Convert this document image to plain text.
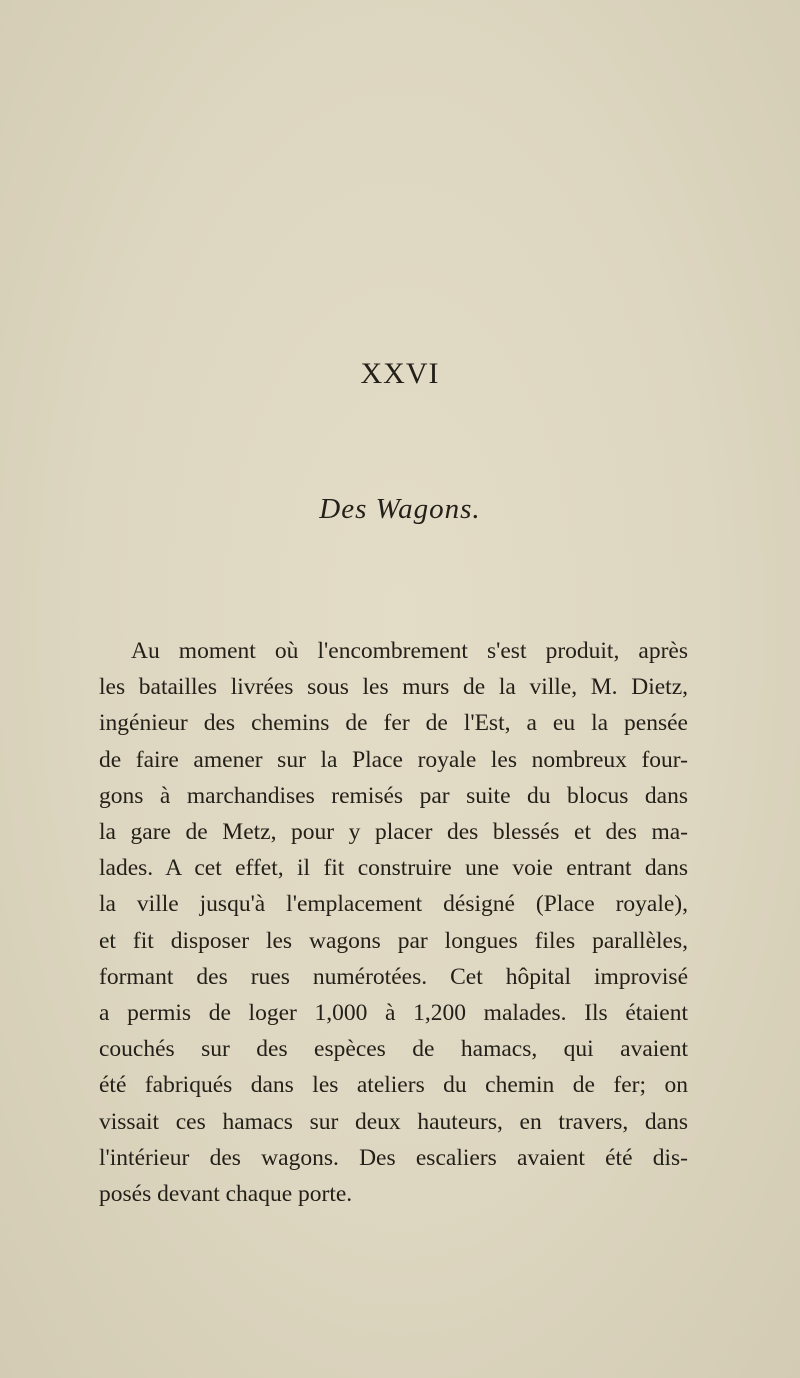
XXVI
Des Wagons.
Au moment où l'encombrement s'est produit, après
les batailles livrées sous les murs de la ville, M. Dietz,
ingénieur des chemins de fer de l'Est, a eu la pensée
de faire amener sur la Place royale les nombreux four-
gons à marchandises remisés par suite du blocus dans
la gare de Metz, pour y placer des blessés et des ma-
lades. A cet effet, il fit construire une voie entrant dans
la ville jusqu'à l'emplacement désigné (Place royale),
et fit disposer les wagons par longues files parallèles,
formant des rues numérotées. Cet hôpital improvisé
a permis de loger 1,000 à 1,200 malades. Ils étaient
couchés sur des espèces de hamacs, qui avaient
été fabriqués dans les ateliers du chemin de fer; on
vissait ces hamacs sur deux hauteurs, en travers, dans
l'intérieur des wagons. Des escaliers avaient été dis-
posés devant chaque porte.
